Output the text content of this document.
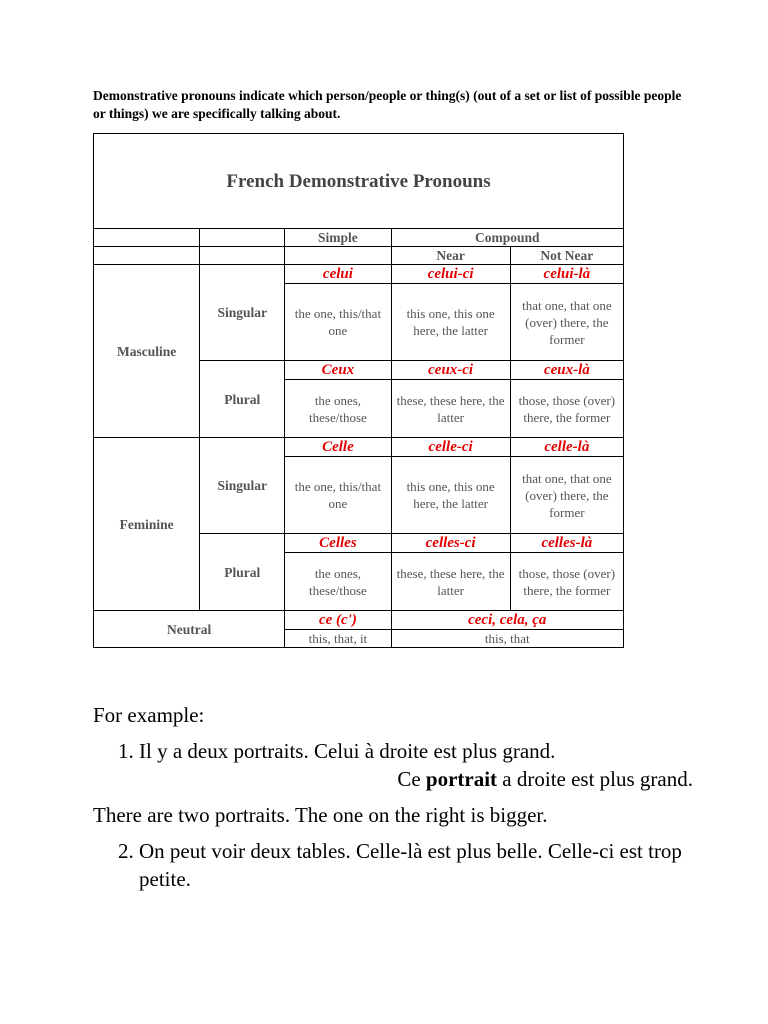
Demonstrative pronouns indicate which person/people or thing(s) (out of a set or list of possible people or things) we are specifically talking about.
French Demonstrative Pronouns				
		Simple	Compound	
			Near	Not Near
Masculine	Singular	celui	celui-ci	celui-là
		the one, this/that one	this one, this one here, the latter	that one, that one (over) there, the former
	Plural	Ceux	ceux-ci	ceux-là
		the ones, these/those	these, these here, the latter	those, those (over) there, the former
Feminine	Singular	Celle	celle-ci	celle-là
		the one, this/that one	this one, this one here, the latter	that one, that one (over) there, the former
	Plural	Celles	celles-ci	celles-là
		the ones, these/those	these, these here, the latter	those, those (over) there, the former
Neutral		ce (c')	ceci, cela, ça	
		this, that, it	this, that	

For example:

1. Il y a deux portraits. Celui à droite est plus grand.
Ce portrait a droite est plus grand.

There are two portraits. The one on the right is bigger.

2. On peut voir deux tables. Celle-là est plus belle. Celle-ci est trop petite.
